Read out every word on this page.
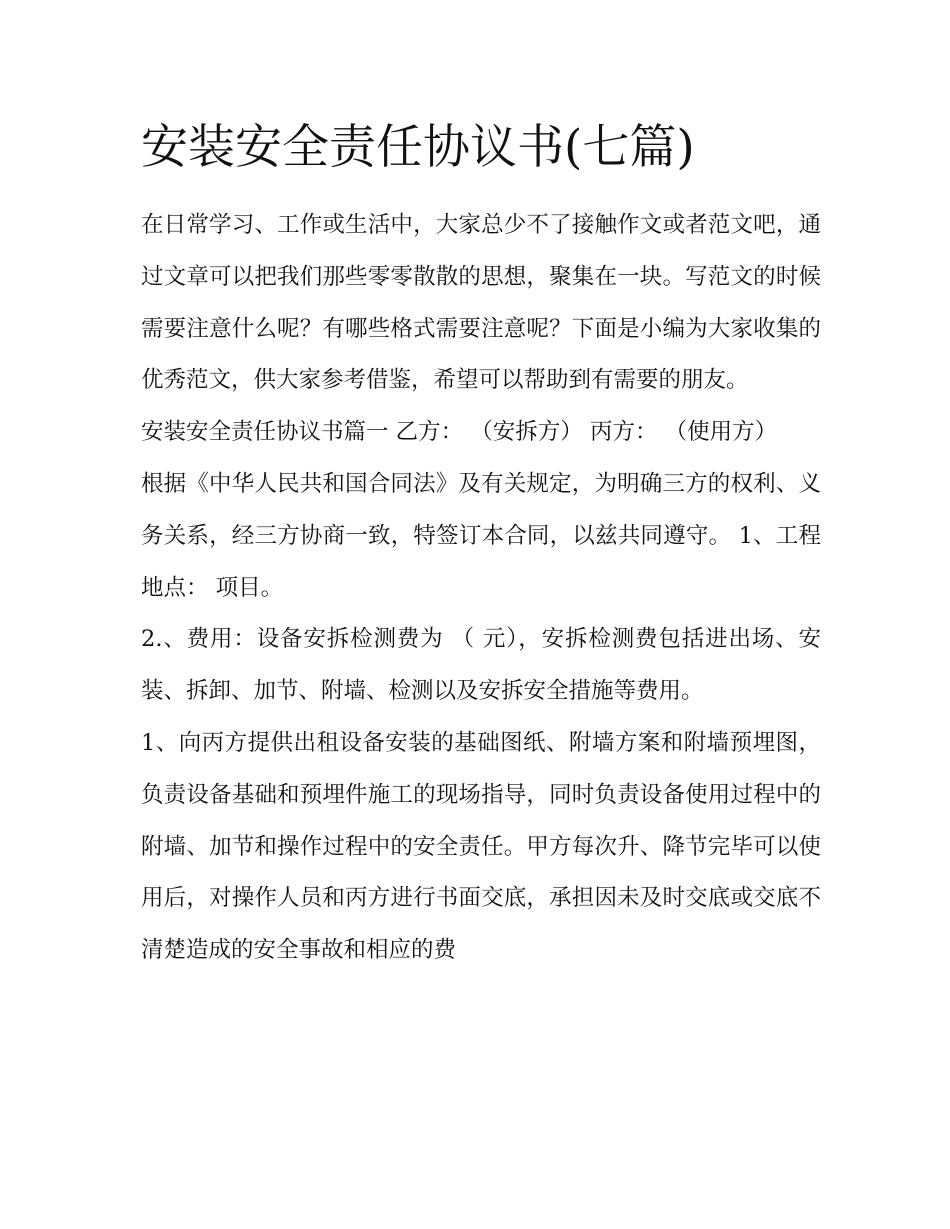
安装安全责任协议书(七篇)

在日常学习、工作或生活中，大家总少不了接触作文或者范文吧，通过文章可以把我们那些零零散散的思想，聚集在一块。写范文的时候需要注意什么呢？有哪些格式需要注意呢？下面是小编为大家收集的优秀范文，供大家参考借鉴，希望可以帮助到有需要的朋友。

安装安全责任协议书篇一 乙方： （安拆方） 丙方： （使用方）

根据《中华人民共和国合同法》及有关规定，为明确三方的权利、义务关系，经三方协商一致，特签订本合同，以兹共同遵守。 1、工程地点： 项目。

2.、费用：设备安拆检测费为 （ 元），安拆检测费包括进出场、安装、拆卸、加节、附墙、检测以及安拆安全措施等费用。

1、向丙方提供出租设备安装的基础图纸、附墙方案和附墙预埋图，负责设备基础和预埋件施工的现场指导，同时负责设备使用过程中的附墙、加节和操作过程中的安全责任。甲方每次升、降节完毕可以使用后，对操作人员和丙方进行书面交底，承担因未及时交底或交底不清楚造成的安全事故和相应的费
